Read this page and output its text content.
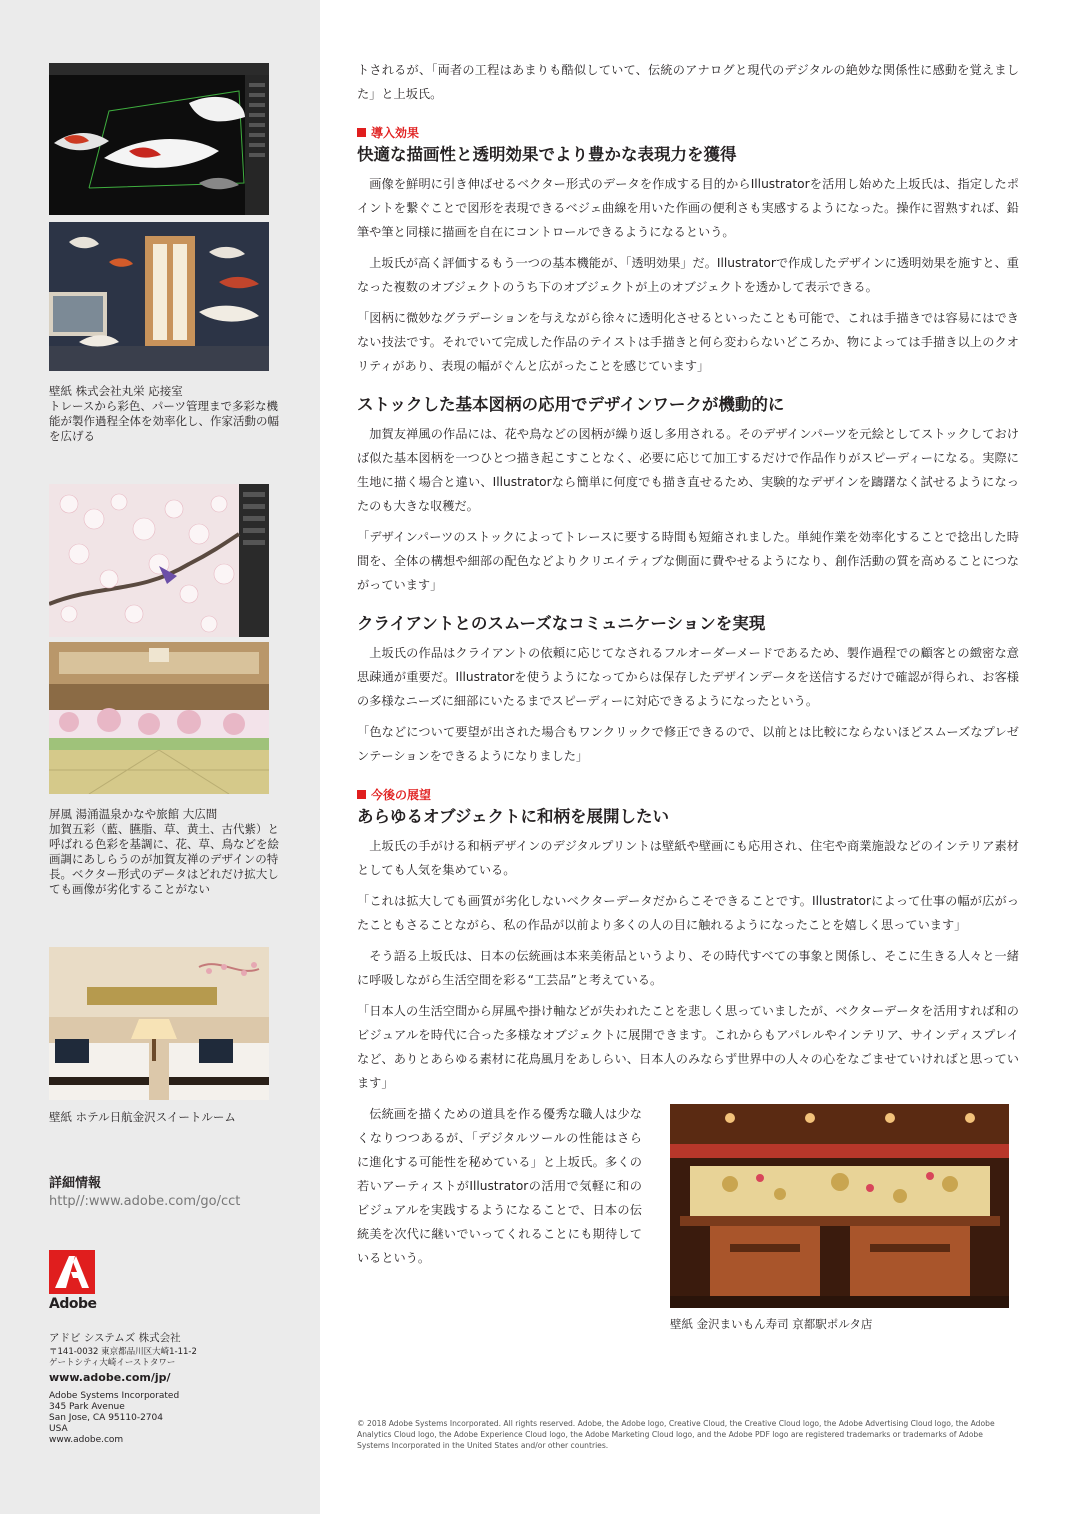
壁紙 株式会社丸栄 応接室

トレースから彩色、パーツ管理まで多彩な機能が製作過程全体を効率化し、作家活動の幅を広げる

屏風 湯涌温泉かなや旅館 大広間

加賀五彩（藍、臙脂、草、黄土、古代紫）と呼ばれる色彩を基調に、花、草、鳥などを絵画調にあしらうのが加賀友禅のデザインの特長。ベクター形式のデータはどれだけ拡大しても画像が劣化することがない

壁紙 ホテル日航金沢スイートルーム

詳細情報
http//:www.adobe.com/go/cct
Adobe

アドビ システムズ 株式会社

〒141-0032 東京都品川区大崎1-11-2

ゲートシティ大崎イーストタワー

www.adobe.com/jp/

Adobe Systems Incorporated

345 Park Avenue

San Jose, CA 95110-2704

USA

www.adobe.com

トされるが、「両者の工程はあまりも酷似していて、伝統のアナログと現代のデジタルの絶妙な関係性に感動を覚えました」と上坂氏。

導入効果
快適な描画性と透明効果でより豊かな表現力を獲得

画像を鮮明に引き伸ばせるベクター形式のデータを作成する目的からIllustratorを活用し始めた上坂氏は、指定したポイントを繋ぐことで図形を表現できるベジェ曲線を用いた作画の便利さも実感するようになった。操作に習熟すれば、鉛筆や筆と同様に描画を自在にコントロールできるようになるという。

上坂氏が高く評価するもう一つの基本機能が、「透明効果」だ。Illustratorで作成したデザインに透明効果を施すと、重なった複数のオブジェクトのうち下のオブジェクトが上のオブジェクトを透かして表示できる。

「図柄に微妙なグラデーションを与えながら徐々に透明化させるといったことも可能で、これは手描きでは容易にはできない技法です。それでいて完成した作品のテイストは手描きと何ら変わらないどころか、物によっては手描き以上のクオリティがあり、表現の幅がぐんと広がったことを感じています」

ストックした基本図柄の応用でデザインワークが機動的に

加賀友禅風の作品には、花や鳥などの図柄が繰り返し多用される。そのデザインパーツを元絵としてストックしておけば似た基本図柄を一つひとつ描き起こすことなく、必要に応じて加工するだけで作品作りがスピーディーになる。実際に生地に描く場合と違い、Illustratorなら簡単に何度でも描き直せるため、実験的なデザインを躊躇なく試せるようになったのも大きな収穫だ。

「デザインパーツのストックによってトレースに要する時間も短縮されました。単純作業を効率化することで捻出した時間を、全体の構想や細部の配色などよりクリエイティブな側面に費やせるようになり、創作活動の質を高めることにつながっています」

クライアントとのスムーズなコミュニケーションを実現

上坂氏の作品はクライアントの依頼に応じてなされるフルオーダーメードであるため、製作過程での顧客との緻密な意思疎通が重要だ。Illustratorを使うようになってからは保存したデザインデータを送信するだけで確認が得られ、お客様の多様なニーズに細部にいたるまでスピーディーに対応できるようになったという。

「色などについて要望が出された場合もワンクリックで修正できるので、以前とは比較にならないほどスムーズなプレゼンテーションをできるようになりました」

今後の展望
あらゆるオブジェクトに和柄を展開したい

上坂氏の手がける和柄デザインのデジタルプリントは壁紙や壁画にも応用され、住宅や商業施設などのインテリア素材としても人気を集めている。

「これは拡大しても画質が劣化しないベクターデータだからこそできることです。Illustratorによって仕事の幅が広がったこともさることながら、私の作品が以前より多くの人の目に触れるようになったことを嬉しく思っています」

そう語る上坂氏は、日本の伝統画は本来美術品というより、その時代すべての事象と関係し、そこに生きる人々と一緒に呼吸しながら生活空間を彩る“工芸品”と考えている。

「日本人の生活空間から屏風や掛け軸などが失われたことを悲しく思っていましたが、ベクターデータを活用すれば和のビジュアルを時代に合った多様なオブジェクトに展開できます。これからもアパレルやインテリア、サインディスプレイなど、ありとあらゆる素材に花鳥風月をあしらい、日本人のみならず世界中の人々の心をなごませていければと思っています」

伝統画を描くための道具を作る優秀な職人は少なくなりつつあるが、「デジタルツールの性能はさらに進化する可能性を秘めている」と上坂氏。多くの若いアーティストがIllustratorの活用で気軽に和のビジュアルを実践するようになることで、日本の伝統美を次代に継いでいってくれることにも期待しているという。

壁紙 金沢まいもん寿司 京都駅ポルタ店
© 2018 Adobe Systems Incorporated. All rights reserved. Adobe, the Adobe logo, Creative Cloud, the Creative Cloud logo, the Adobe Advertising Cloud logo, the Adobe Analytics Cloud logo, the Adobe Experience Cloud logo, the Adobe Marketing Cloud logo, and the Adobe PDF logo are registered trademarks or trademarks of Adobe Systems Incorporated in the United States and/or other countries.
